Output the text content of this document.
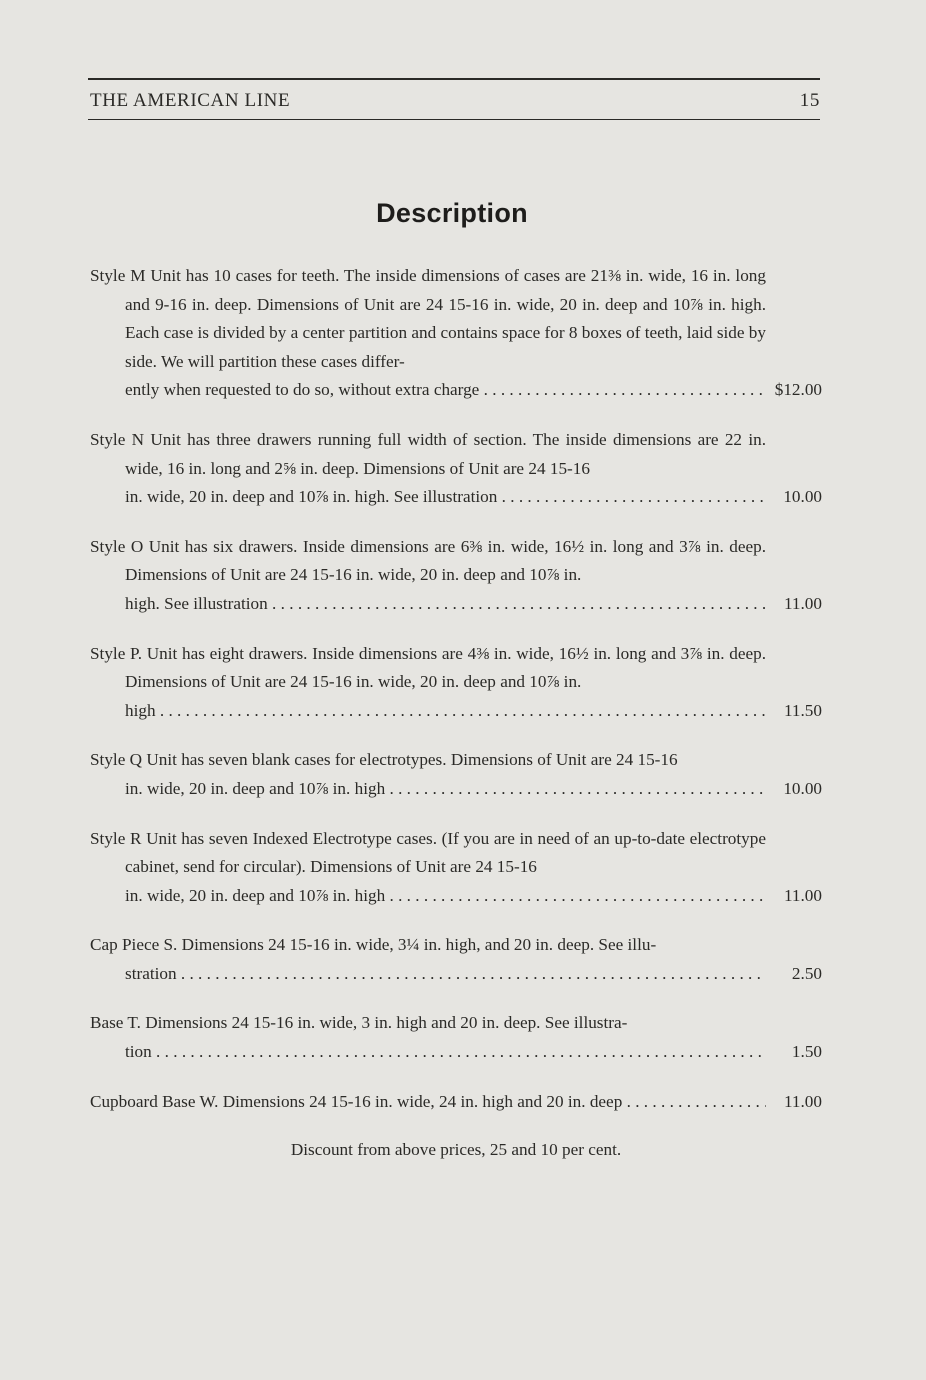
THE AMERICAN LINE	15
Description
Style M Unit has 10 cases for teeth. The inside dimensions of cases are 21⅜ in. wide, 16 in. long and 9-16 in. deep. Dimensions of Unit are 24 15-16 in. wide, 20 in. deep and 10⅞ in. high. Each case is divided by a center partition and contains space for 8 boxes of teeth, laid side by side. We will partition these cases differ-
ently when requested to do so, without extra charge . . .	$12.00
Style N Unit has three drawers running full width of section. The inside dimensions are 22 in. wide, 16 in. long and 2⅝ in. deep. Dimensions of Unit are 24 15-16
in. wide, 20 in. deep and 10⅞ in. high. See illustration . . .	10.00
Style O Unit has six drawers. Inside dimensions are 6⅜ in. wide, 16½ in. long and 3⅞ in. deep. Dimensions of Unit are 24 15-16 in. wide, 20 in. deep and 10⅞ in.
high. See illustration . . .	11.00
Style P. Unit has eight drawers. Inside dimensions are 4⅜ in. wide, 16½ in. long and 3⅞ in. deep. Dimensions of Unit are 24 15-16 in. wide, 20 in. deep and 10⅞ in.
high . . .	11.50
Style Q Unit has seven blank cases for electrotypes. Dimensions of Unit are 24 15-16
in. wide, 20 in. deep and 10⅞ in. high . . .	10.00
Style R Unit has seven Indexed Electrotype cases. (If you are in need of an up-to-date electrotype cabinet, send for circular). Dimensions of Unit are 24 15-16
in. wide, 20 in. deep and 10⅞ in. high . . .	11.00
Cap Piece S. Dimensions 24 15-16 in. wide, 3¼ in. high, and 20 in. deep. See illu-
stration . . .	2.50
Base T. Dimensions 24 15-16 in. wide, 3 in. high and 20 in. deep. See illustra-
tion . . .	1.50
Cupboard Base W. Dimensions 24 15-16 in. wide, 24 in. high and 20 in. deep . . .	11.00
Discount from above prices, 25 and 10 per cent.
